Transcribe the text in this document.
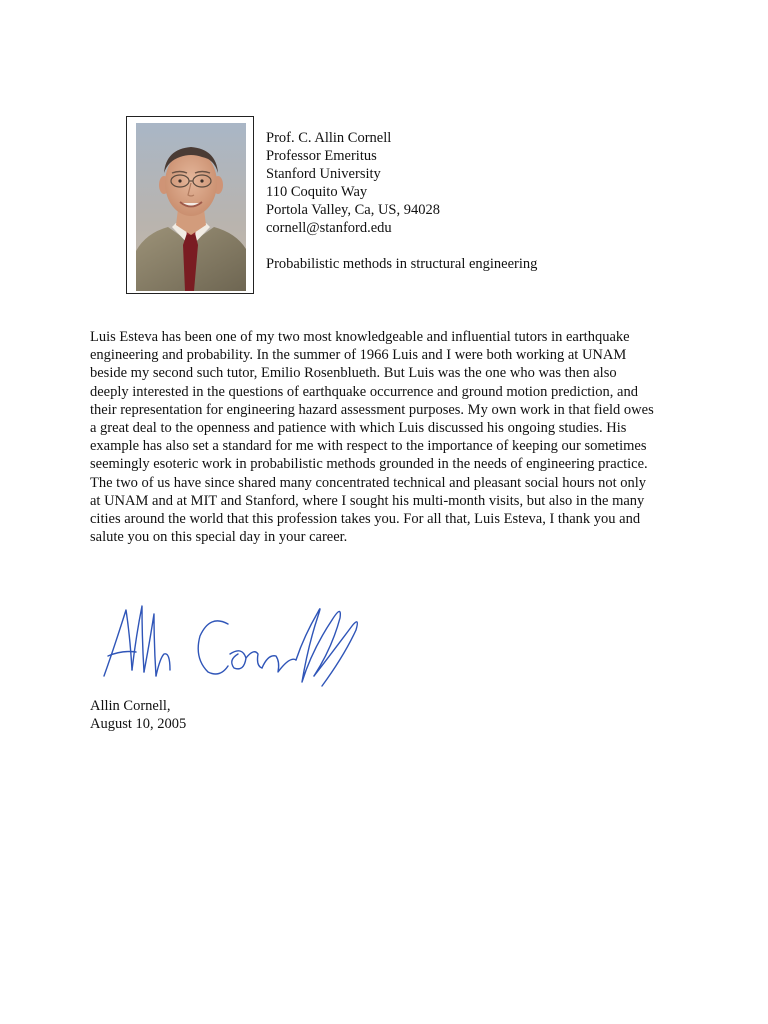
Prof. C. Allin Cornell
Professor Emeritus
Stanford University
110 Coquito Way
Portola Valley, Ca, US, 94028
cornell@stanford.edu
Probabilistic methods in structural engineering

Luis Esteva has been one of my two most knowledgeable and influential tutors in earthquake
engineering and probability. In the summer of 1966 Luis and I were both working at UNAM
beside my second such tutor, Emilio Rosenblueth. But Luis was the one who was then also
deeply interested in the questions of earthquake occurrence and ground motion prediction, and
their representation for engineering hazard assessment purposes. My own work in that field owes
a great deal to the openness and patience with which Luis discussed his ongoing studies. His
example has also set a standard for me with respect to the importance of keeping our sometimes
seemingly esoteric work in probabilistic methods grounded in the needs of engineering practice.
The two of us have since shared many concentrated technical and pleasant social hours not only
at UNAM and at MIT and Stanford, where I sought his multi-month visits, but also in the many
cities around the world that this profession takes you. For all that, Luis Esteva, I thank you and
salute you on this special day in your career.

Allin Cornell,
August 10, 2005
